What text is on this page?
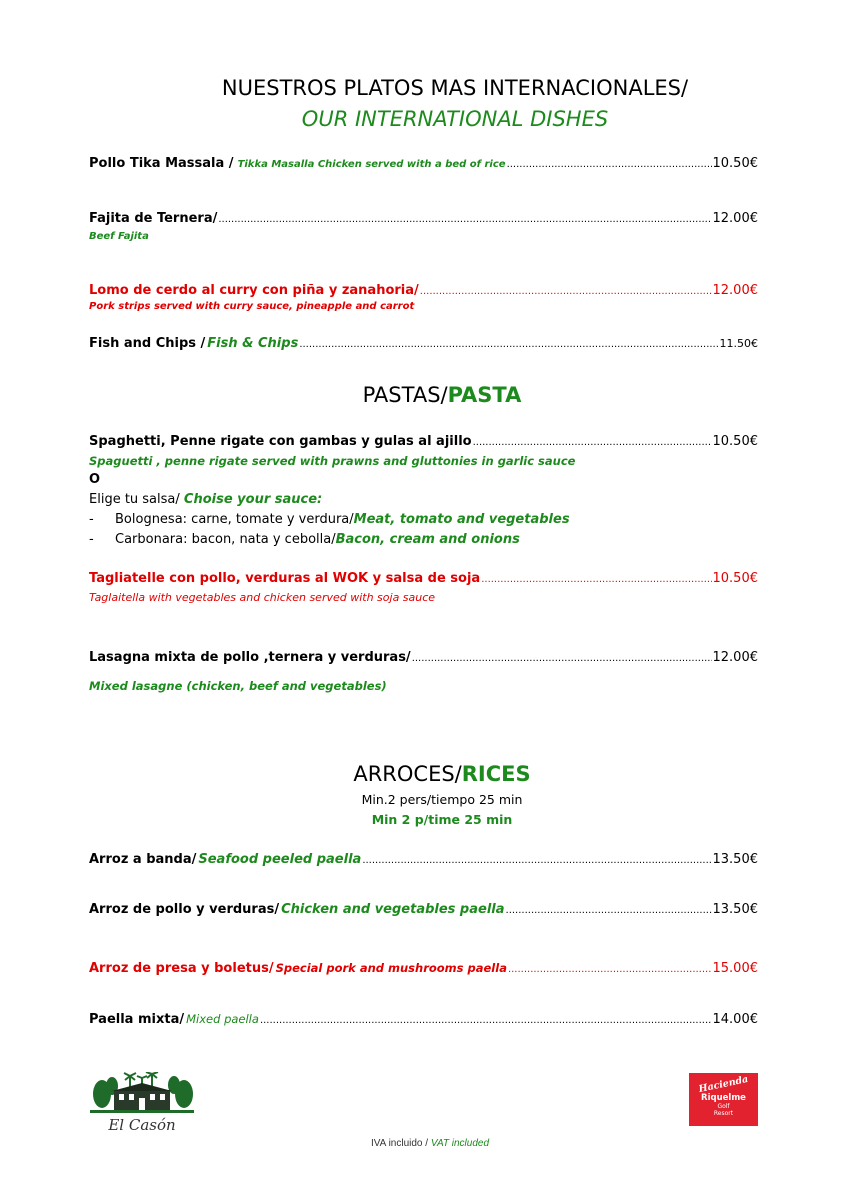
NUESTROS PLATOS MAS INTERNACIONALES/
OUR INTERNATIONAL DISHES
Pollo Tika Massala / Tikka Masalla Chicken served with a bed of rice .....	10.50€
Fajita de Ternera/ .....	12.00€
Beef Fajita
Lomo de cerdo al curry con piña y zanahoria/ .....	12.00€
Pork strips served with curry sauce, pineapple and carrot
Fish and Chips / Fish & Chips .....	11.50€
PASTAS/PASTA
Spaghetti, Penne rigate con gambas y gulas al ajillo .....	10.50€
Spaguetti , penne rigate served with prawns and gluttonies in garlic sauce
O
Elige tu salsa/ Choise your sauce:
- Bolognesa: carne, tomate y verdura/Meat, tomato and vegetables
- Carbonara: bacon, nata y cebolla/Bacon, cream and onions
Tagliatelle con pollo, verduras al WOK y salsa de soja .....	10.50€
Taglaitella with vegetables and chicken served with soja sauce
Lasagna mixta de pollo ,ternera y verduras/ .....	12.00€
Mixed lasagne (chicken, beef and vegetables)
ARROCES/RICES
Min.2 pers/tiempo 25 min
Min 2 p/time 25 min
Arroz a banda/ Seafood peeled paella .....	13.50€
Arroz de pollo y verduras/ Chicken and vegetables paella .....	13.50€
Arroz de presa y boletus/ Special pork and mushrooms paella .....	15.00€
Paella mixta/ Mixed paella .....	14.00€
El Casón
Hacienda
Riquelme
Golf
Resort
IVA incluido / VAT included
